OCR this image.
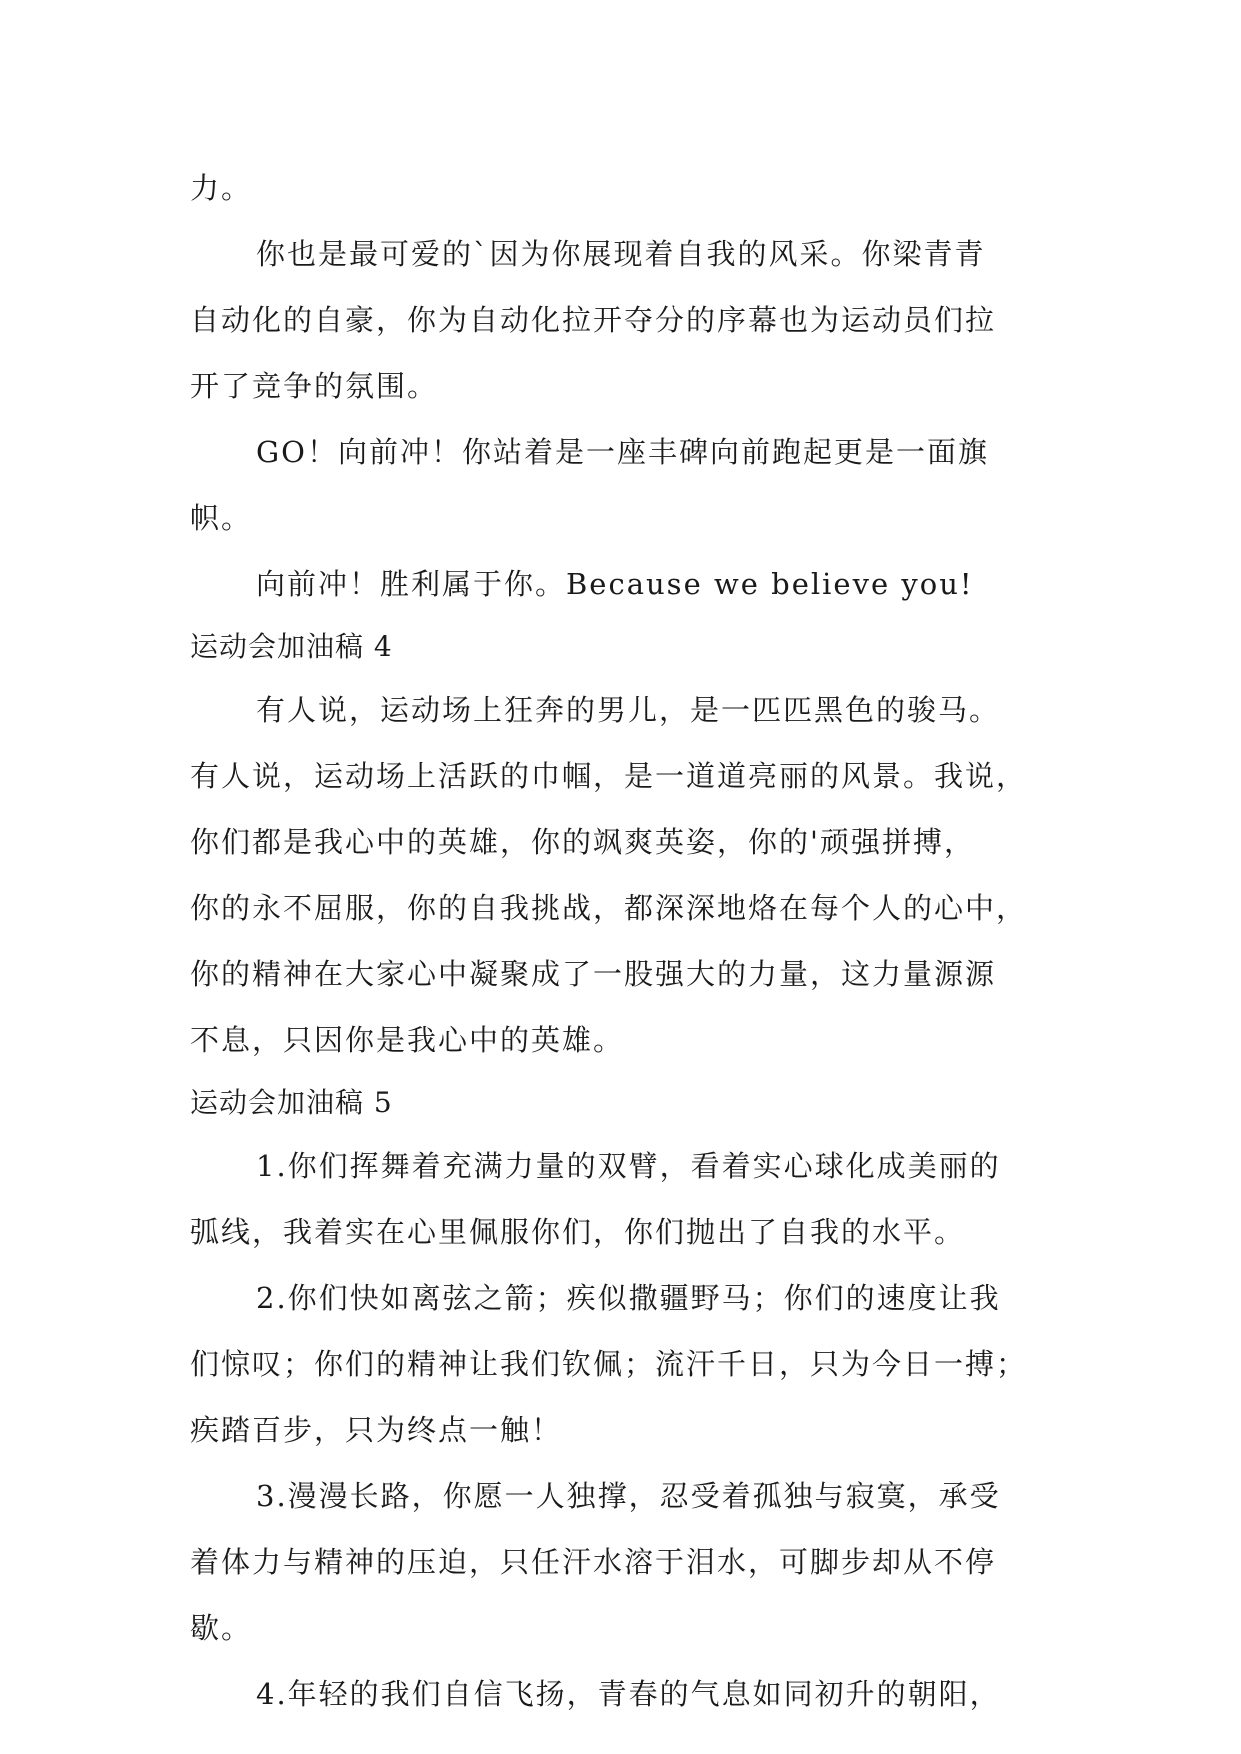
力。
你也是最可爱的`因为你展现着自我的风采。你梁青青
自动化的自豪，你为自动化拉开夺分的序幕也为运动员们拉
开了竞争的氛围。
GO！向前冲！你站着是一座丰碑向前跑起更是一面旗
帜。
向前冲！胜利属于你。Because we believe you!
运动会加油稿 4
有人说，运动场上狂奔的男儿，是一匹匹黑色的骏马。
有人说，运动场上活跃的巾帼，是一道道亮丽的风景。我说，
你们都是我心中的英雄，你的飒爽英姿，你的'顽强拼搏，
你的永不屈服，你的自我挑战，都深深地烙在每个人的心中，
你的精神在大家心中凝聚成了一股强大的力量，这力量源源
不息，只因你是我心中的英雄。
运动会加油稿 5
1.你们挥舞着充满力量的双臂，看着实心球化成美丽的
弧线，我着实在心里佩服你们，你们抛出了自我的水平。
2.你们快如离弦之箭；疾似撒疆野马；你们的速度让我
们惊叹；你们的精神让我们钦佩；流汗千日，只为今日一搏；
疾踏百步，只为终点一触！
3.漫漫长路，你愿一人独撑，忍受着孤独与寂寞，承受
着体力与精神的压迫，只任汗水溶于泪水，可脚步却从不停
歇。
4.年轻的我们自信飞扬，青春的气息如同初升的朝阳，
